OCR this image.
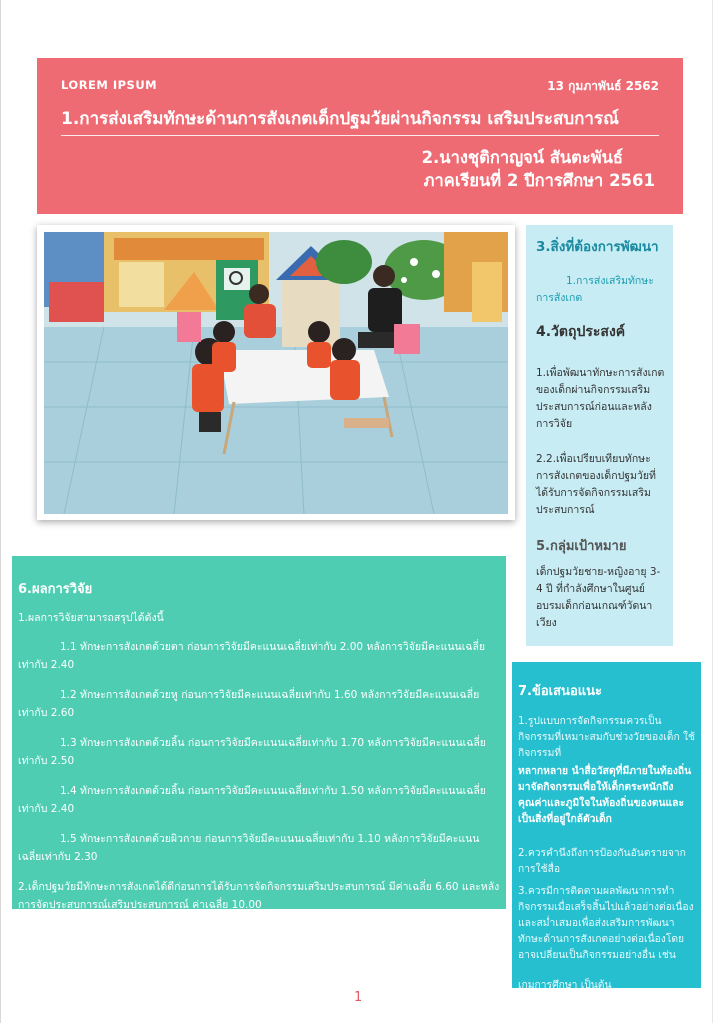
LOREM IPSUM	13 กุมภาพันธ์ 2562
1.การส่งเสริมทักษะด้านการสังเกตเด็กปฐมวัยผ่านกิจกรรม เสริมประสบการณ์
2.นางชุติกาญจน์ สันตะพันธ์
ภาคเรียนที่ 2 ปีการศึกษา 2561
3.สิ่งที่ต้องการพัฒนา

1.การส่งเสริมทักษะการสังเกต

4.วัตถุประสงค์

1.เพื่อพัฒนาทักษะการสังเกตของเด็กผ่านกิจกรรมเสริมประสบการณ์ก่อนและหลังการวิจัย

2.2.เพื่อเปรียบเทียบทักษะการสังเกตของเด็กปฐมวัยที่ได้รับการจัดกิจกรรมเสริมประสบการณ์

5.กลุ่มเป้าหมาย

เด็กปฐมวัยชาย-หญิงอายุ 3-4 ปี ที่กำลังศึกษาในศูนย์อบรมเด็กก่อนเกณฑ์วัดนาเวียง

6.ผลการวิจัย

1.ผลการวิจัยสามารถสรุปได้ดังนี้

1.1 ทักษะการสังเกตด้วยตา ก่อนการวิจัยมีคะแนนเฉลี่ยเท่ากับ 2.00 หลังการวิจัยมีคะแนนเฉลี่ยเท่ากับ 2.40

1.2 ทักษะการสังเกตด้วยหู ก่อนการวิจัยมีคะแนนเฉลี่ยเท่ากับ 1.60 หลังการวิจัยมีคะแนนเฉลี่ยเท่ากับ 2.60

1.3 ทักษะการสังเกตด้วยลิ้น ก่อนการวิจัยมีคะแนนเฉลี่ยเท่ากับ 1.70 หลังการวิจัยมีคะแนนเฉลี่ยเท่ากับ 2.50

1.4 ทักษะการสังเกตด้วยลิ้น ก่อนการวิจัยมีคะแนนเฉลี่ยเท่ากับ 1.50 หลังการวิจัยมีคะแนนเฉลี่ยเท่ากับ 2.40

1.5 ทักษะการสังเกตด้วยผิวกาย ก่อนการวิจัยมีคะแนนเฉลี่ยเท่ากับ 1.10 หลังการวิจัยมีคะแนนเฉลี่ยเท่ากับ 2.30

2.เด็กปฐมวัยมีทักษะการสังเกตได้ดีก่อนการได้รับการจัดกิจกรรมเสริมประสบการณ์ มีค่าเฉลี่ย 6.60 และหลังการจัดประสบการณ์เสริมประสบการณ์ ค่าเฉลี่ย 10.00

7.ข้อเสนอแนะ

1.รูปแบบการจัดกิจกรรมควรเป็นกิจกรรมที่เหมาะสมกับช่วงวัยของเด็ก ใช้กิจกรรมที่

หลากหลาย นำสื่อวัสดุที่มีภายในท้องถิ่นมาจัดกิจกรรมเพื่อให้เด็กตระหนักถึงคุณค่าและภูมิใจในท้องถิ่นของตนและเป็นสิ่งที่อยู่ใกล้ตัวเด็ก

2.ควรคำนึงถึงการป้องกันอันตรายจากการใช้สื่อ

3.ควรมีการติดตามผลพัฒนาการทำกิจกรรมเมื่อเสร็จสิ้นไปแล้วอย่างต่อเนื่องและสม่ำเสมอเพื่อส่งเสริมการพัฒนาทักษะด้านการสังเกตอย่างต่อเนื่องโดยอาจเปลี่ยนเป็นกิจกรรมอย่างอื่น เช่น

เกมการศึกษา เป็นต้น

1
